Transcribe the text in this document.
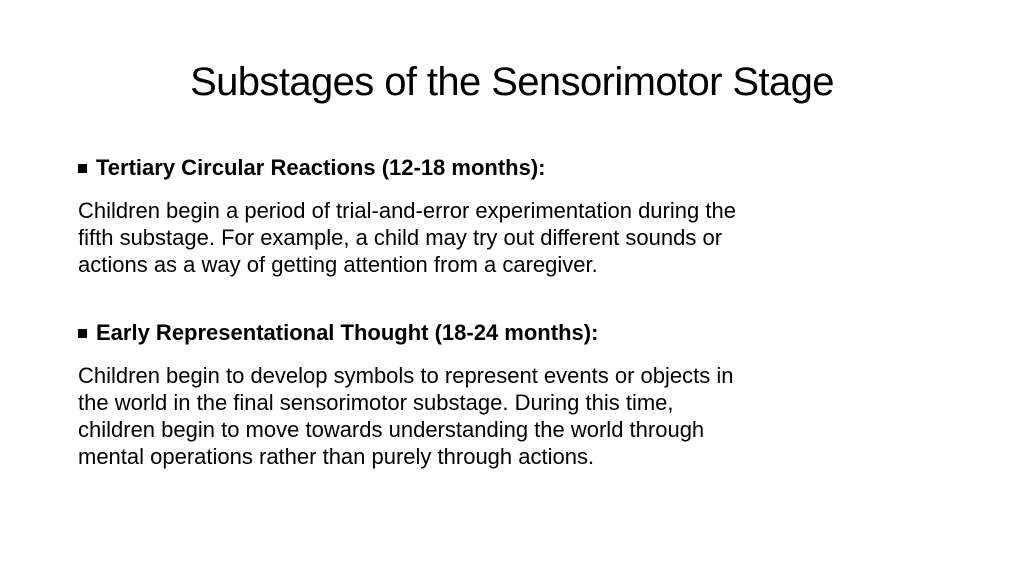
Substages of the Sensorimotor Stage
Tertiary Circular Reactions (12-18 months):
Children begin a period of trial-and-error experimentation during the
fifth substage. For example, a child may try out different sounds or
actions as a way of getting attention from a caregiver.
Early Representational Thought (18-24 months):
Children begin to develop symbols to represent events or objects in
the world in the final sensorimotor substage. During this time,
children begin to move towards understanding the world through
mental operations rather than purely through actions.
